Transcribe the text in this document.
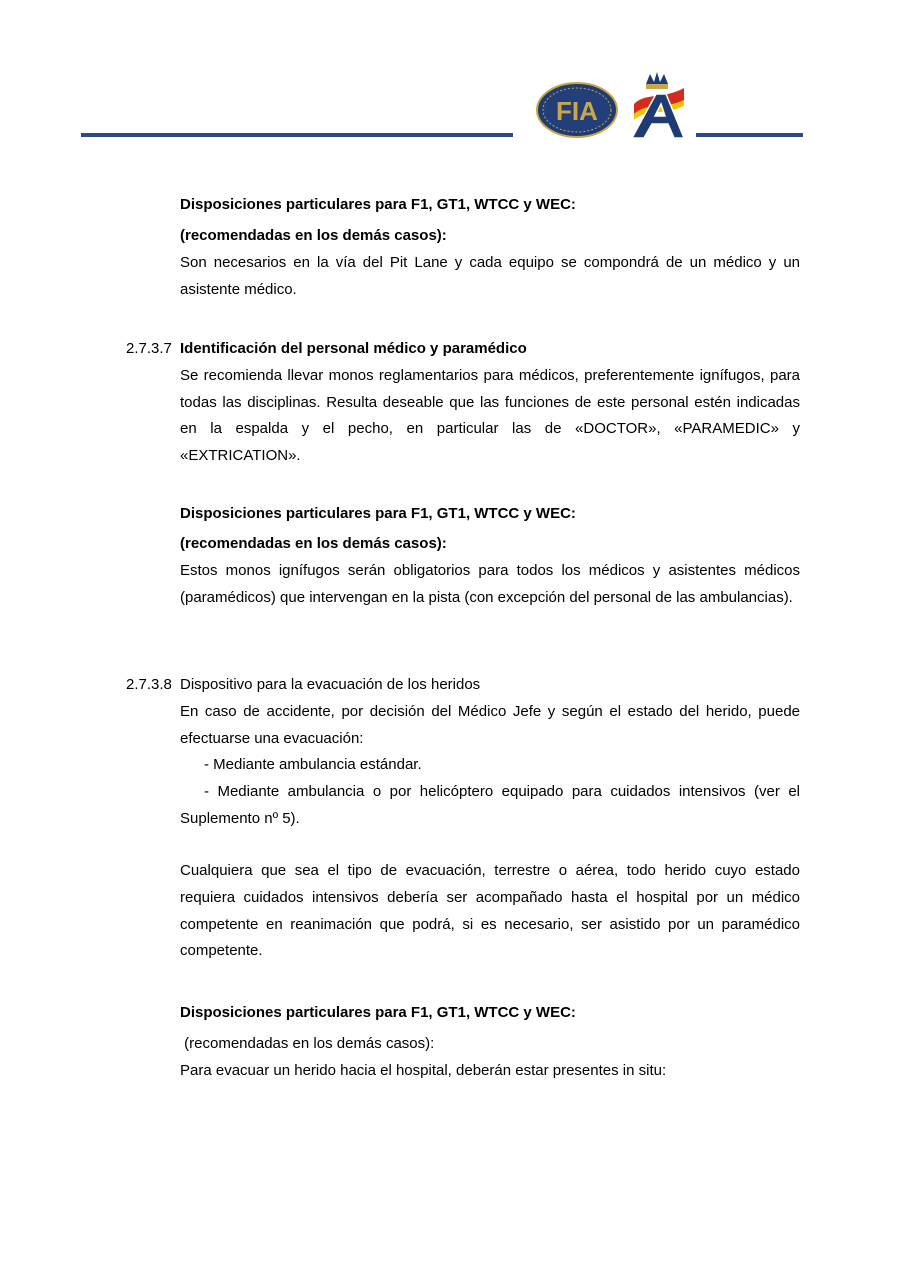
FIA

Disposiciones particulares para F1, GT1, WTCC y WEC:

(recomendadas en los demás casos):

Son necesarios en la vía del Pit Lane y cada equipo se compondrá de un médico y un asistente médico.

2.7.3.7 Identificación del personal médico y paramédico

Se recomienda llevar monos reglamentarios para médicos, preferentemente ignífugos, para todas las disciplinas. Resulta deseable que las funciones de este personal estén indicadas en la espalda y el pecho, en particular las de «DOCTOR», «PARAMEDIC» y «EXTRICATION».

Disposiciones particulares para F1, GT1, WTCC y WEC:

(recomendadas en los demás casos):

Estos monos ignífugos serán obligatorios para todos los médicos y asistentes médicos (paramédicos) que intervengan en la pista (con excepción del personal de las ambulancias).

2.7.3.8 Dispositivo para la evacuación de los heridos

En caso de accidente, por decisión del Médico Jefe y según el estado del herido, puede efectuarse una evacuación:

- Mediante ambulancia estándar.

- Mediante ambulancia o por helicóptero equipado para cuidados intensivos (ver el Suplemento nº 5).

Cualquiera que sea el tipo de evacuación, terrestre o aérea, todo herido cuyo estado requiera cuidados intensivos debería ser acompañado hasta el hospital por un médico competente en reanimación que podrá, si es necesario, ser asistido por un paramédico competente.

Disposiciones particulares para F1, GT1, WTCC y WEC:

(recomendadas en los demás casos):

Para evacuar un herido hacia el hospital, deberán estar presentes in situ:
